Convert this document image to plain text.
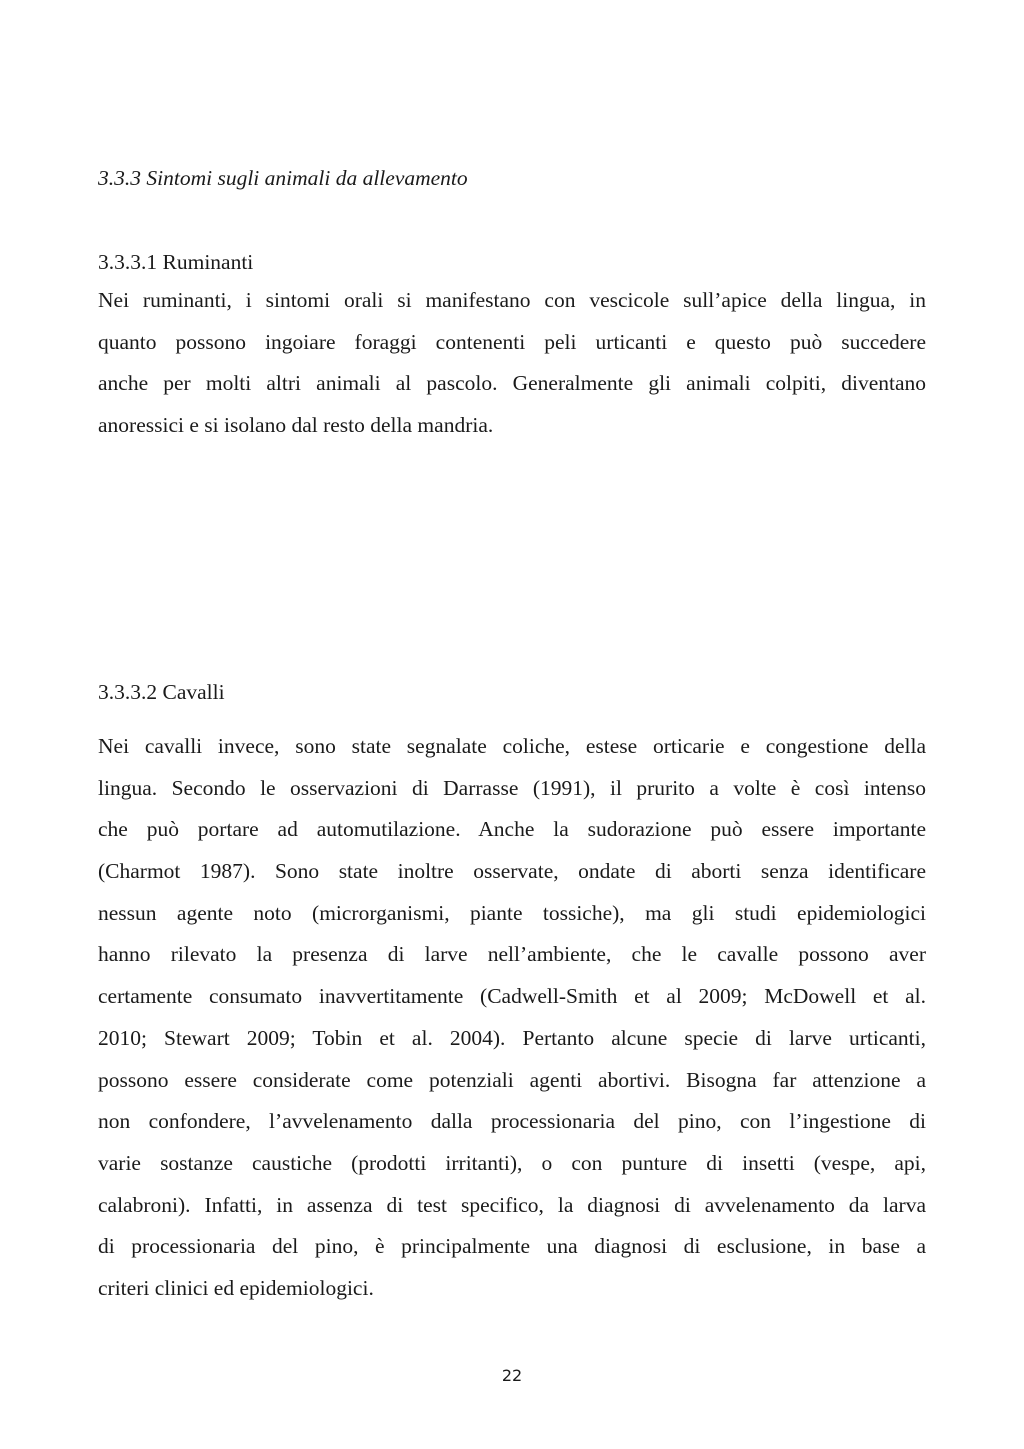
3.3.3 Sintomi sugli animali da allevamento
3.3.3.1 Ruminanti
Nei ruminanti, i sintomi orali si manifestano con vescicole sull’apice della lingua, in
quanto possono ingoiare foraggi contenenti peli urticanti e questo può succedere
anche per molti altri animali al pascolo. Generalmente gli animali colpiti, diventano
anoressici e si isolano dal resto della mandria.
3.3.3.2 Cavalli
Nei cavalli invece, sono state segnalate coliche, estese orticarie e congestione della
lingua. Secondo le osservazioni di Darrasse (1991), il prurito a volte è così intenso
che può portare ad automutilazione. Anche la sudorazione può essere importante
(Charmot 1987). Sono state inoltre osservate, ondate di aborti senza identificare
nessun agente noto (microrganismi, piante tossiche), ma gli studi epidemiologici
hanno rilevato la presenza di larve nell’ambiente, che le cavalle possono aver
certamente consumato inavvertitamente (Cadwell-Smith et al 2009; McDowell et al.
2010; Stewart 2009; Tobin et al. 2004). Pertanto alcune specie di larve urticanti,
possono essere considerate come potenziali agenti abortivi. Bisogna far attenzione a
non confondere, l’avvelenamento dalla processionaria del pino, con l’ingestione di
varie sostanze caustiche (prodotti irritanti), o con punture di insetti (vespe, api,
calabroni). Infatti, in assenza di test specifico, la diagnosi di avvelenamento da larva
di processionaria del pino, è principalmente una diagnosi di esclusione, in base a
criteri clinici ed epidemiologici.
22
